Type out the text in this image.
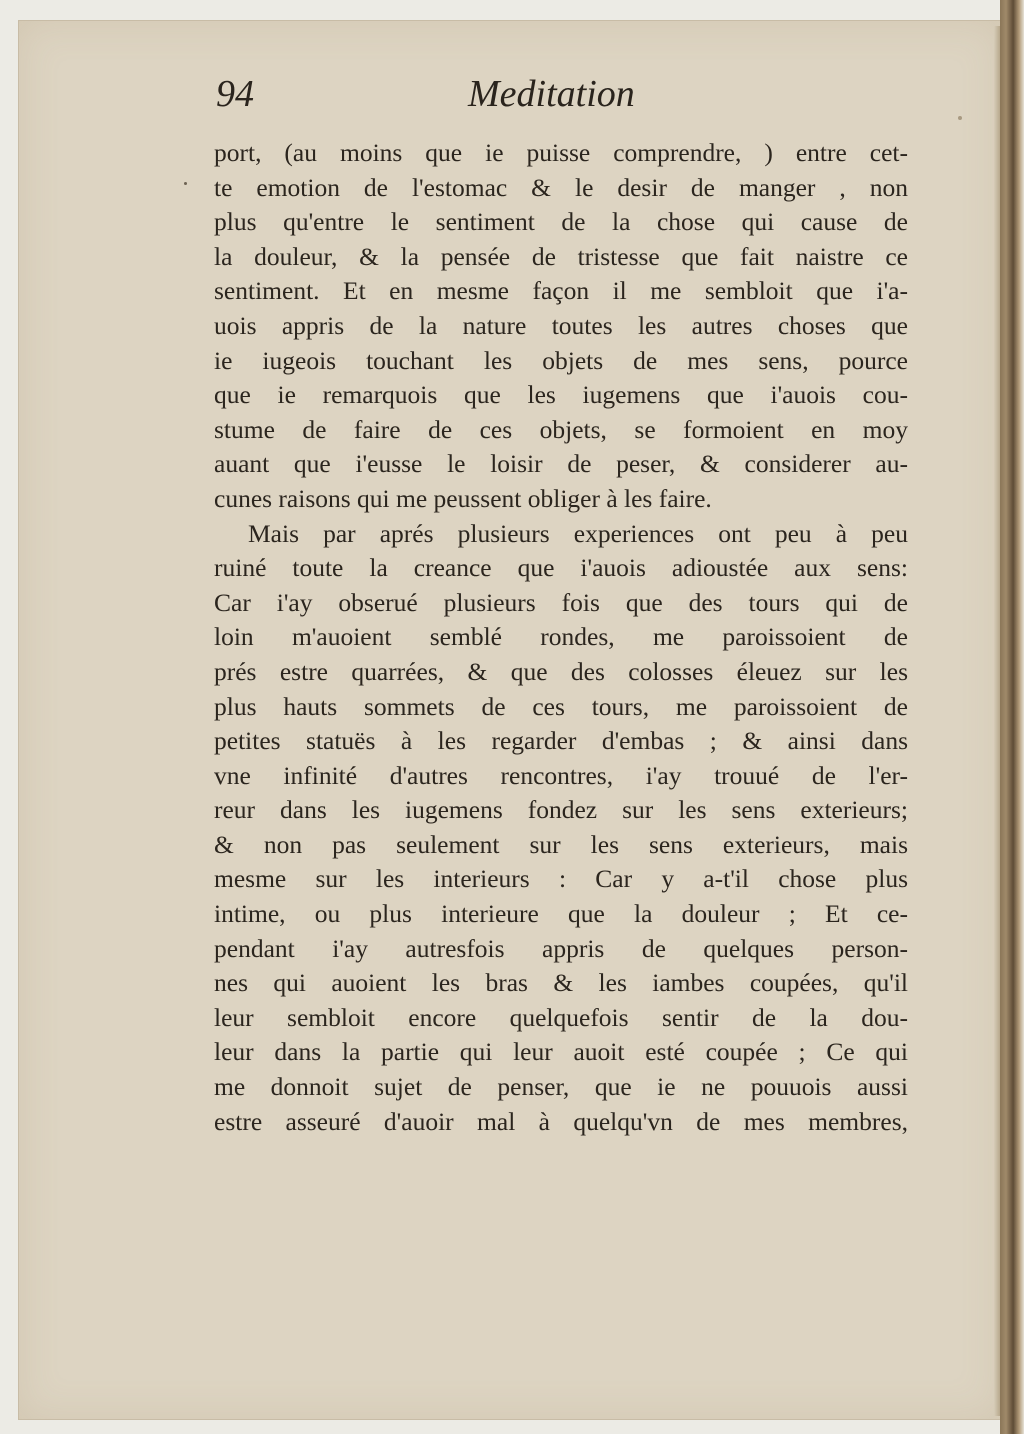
94	Meditation
port, (au moins que ie puisse comprendre, ) entre cet-
te emotion de l'estomac & le desir de manger , non
plus qu'entre le sentiment de la chose qui cause de
la douleur, & la pensée de tristesse que fait naistre ce
sentiment. Et en mesme façon il me sembloit que i'a-
uois appris de la nature toutes les autres choses que
ie iugeois touchant les objets de mes sens, pource
que ie remarquois que les iugemens que i'auois cou-
stume de faire de ces objets, se formoient en moy
auant que i'eusse le loisir de peser, & considerer au-
cunes raisons qui me peussent obliger à les faire.
Mais par aprés plusieurs experiences ont peu à peu
ruiné toute la creance que i'auois adioustée aux sens:
Car i'ay obserué plusieurs fois que des tours qui de
loin m'auoient semblé rondes, me paroissoient de
prés estre quarrées, & que des colosses éleuez sur les
plus hauts sommets de ces tours, me paroissoient de
petites statuës à les regarder d'embas ; & ainsi dans
vne infinité d'autres rencontres, i'ay trouué de l'er-
reur dans les iugemens fondez sur les sens exterieurs;
& non pas seulement sur les sens exterieurs, mais
mesme sur les interieurs : Car y a-t'il chose plus
intime, ou plus interieure que la douleur ; Et ce-
pendant i'ay autresfois appris de quelques person-
nes qui auoient les bras & les iambes coupées, qu'il
leur sembloit encore quelquefois sentir de la dou-
leur dans la partie qui leur auoit esté coupée ; Ce qui
me donnoit sujet de penser, que ie ne pouuois aussi
estre asseuré d'auoir mal à quelqu'vn de mes membres,
